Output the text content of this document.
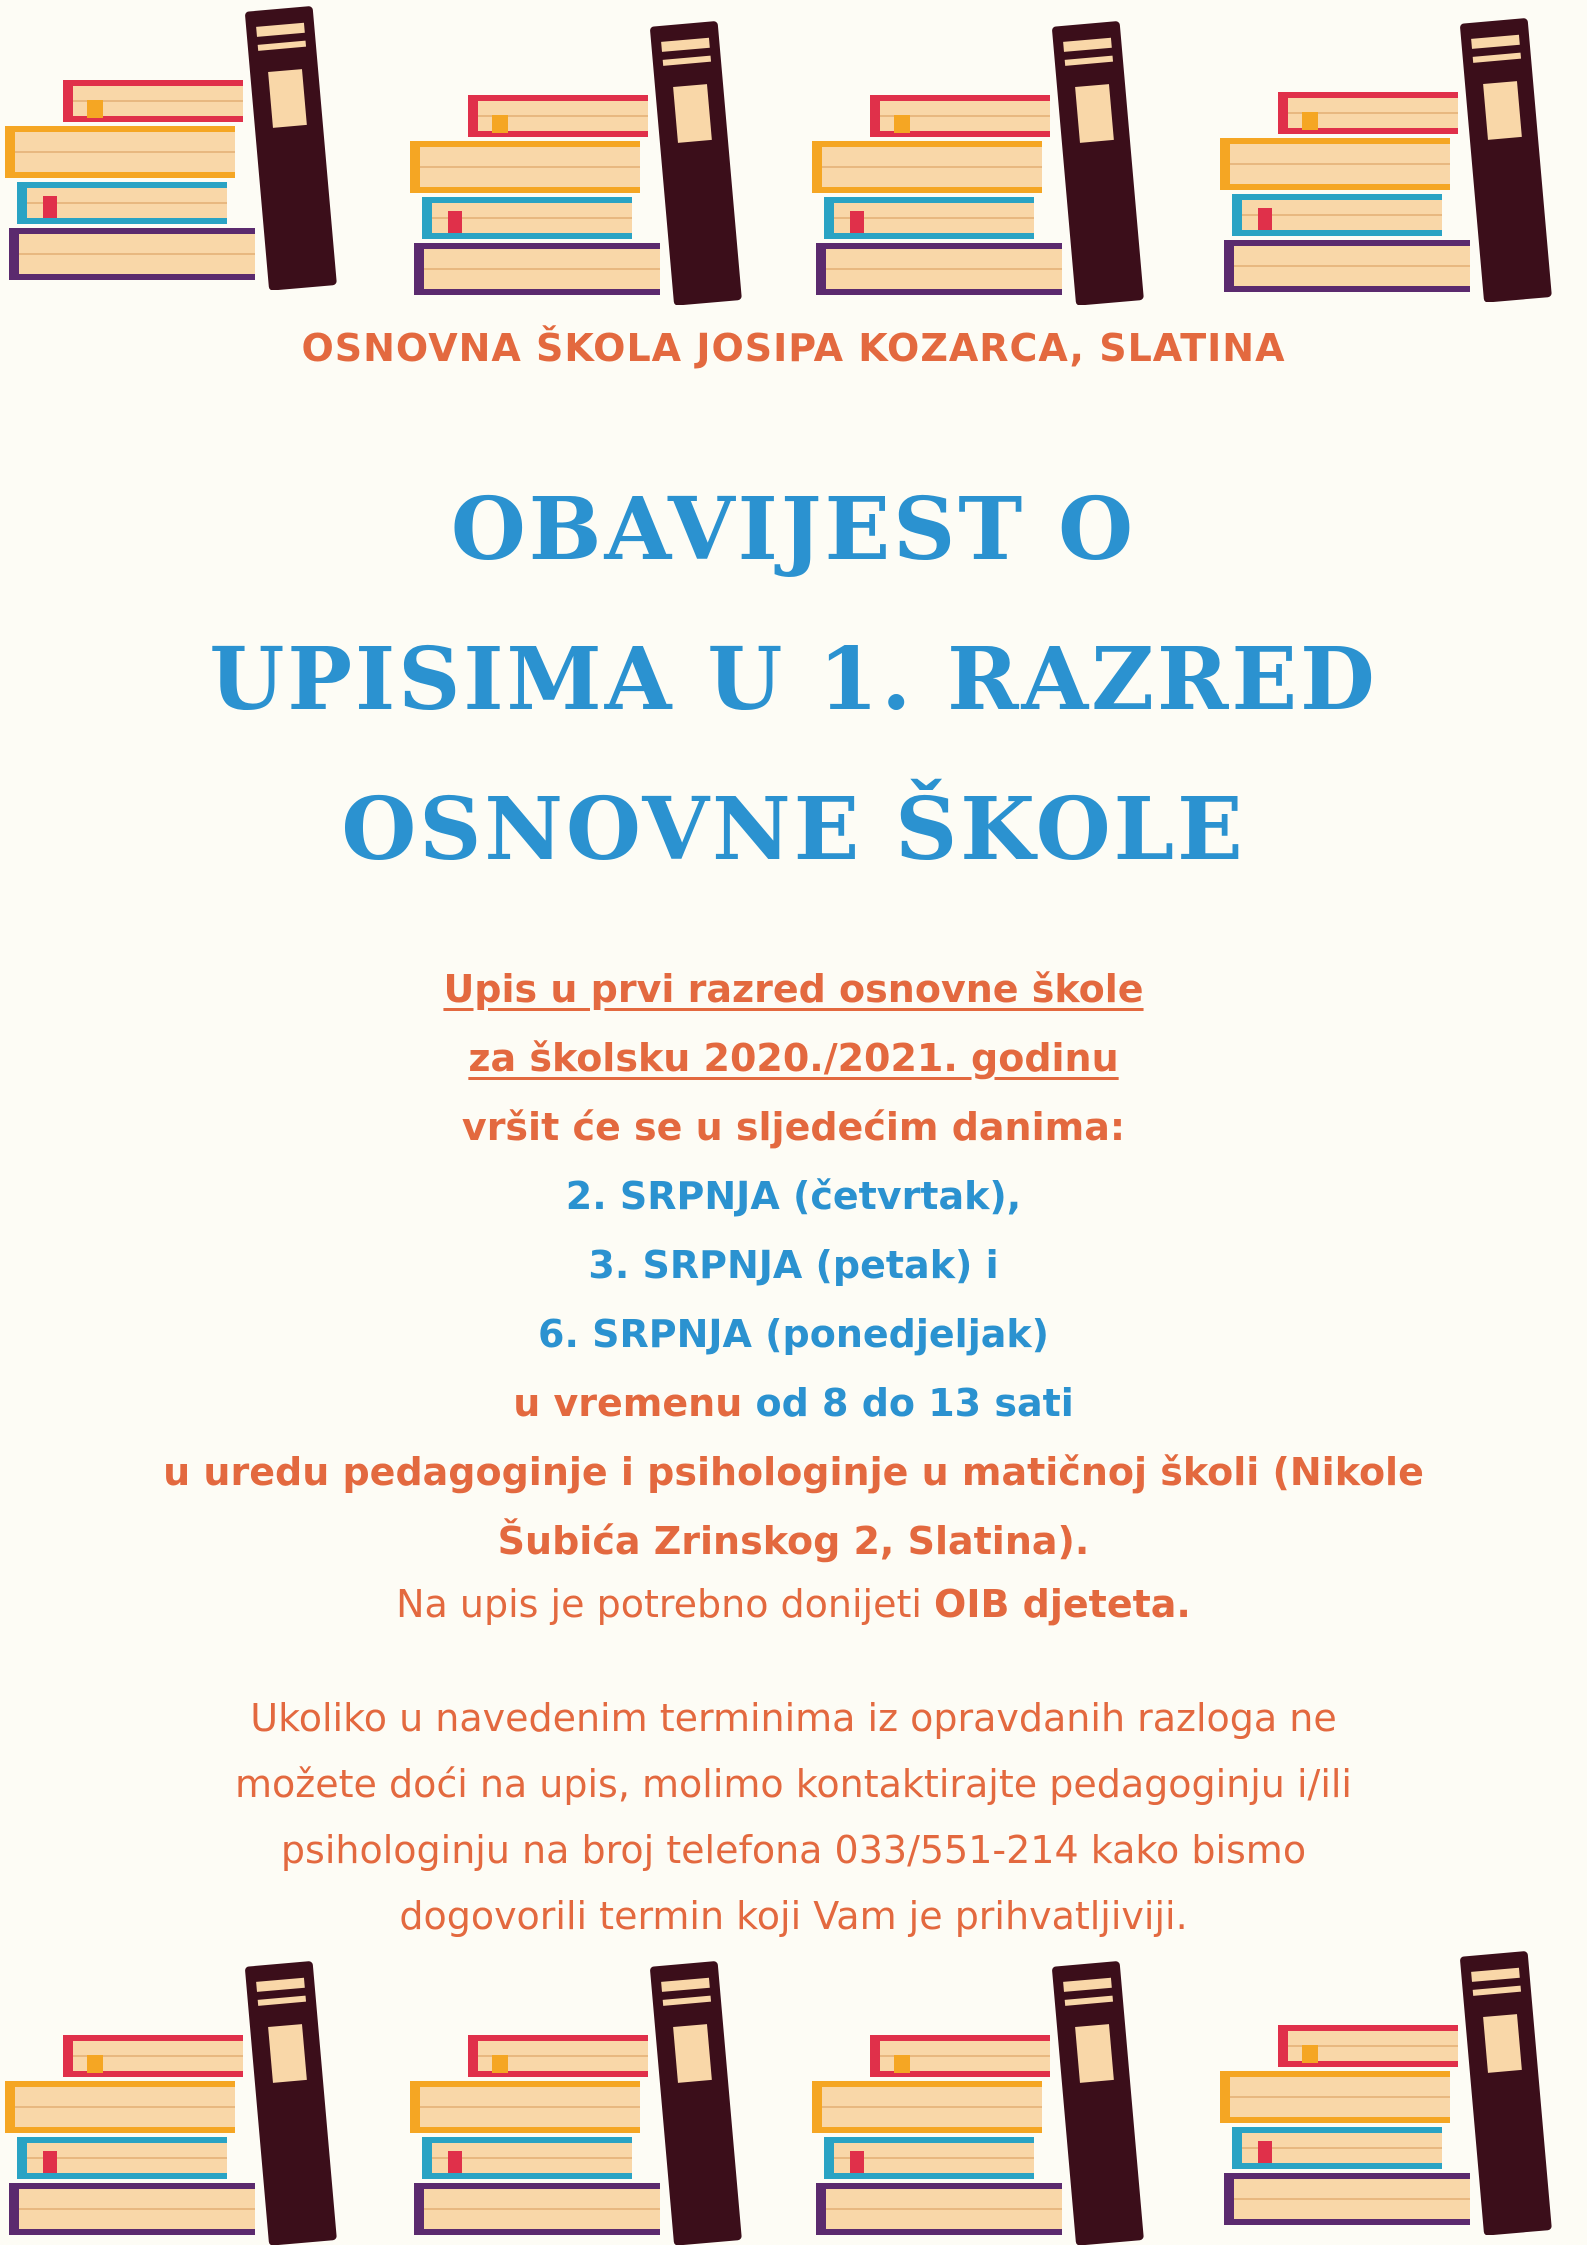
OSNOVNA ŠKOLA JOSIPA KOZARCA, SLATINA
OBAVIJEST O
UPISIMA U 1. RAZRED
OSNOVNE ŠKOLE
Upis u prvi razred osnovne škole
za školsku 2020./2021. godinu
vršit će se u sljedećim danima:
2. SRPNJA (četvrtak),
3. SRPNJA (petak) i
6. SRPNJA (ponedjeljak)
u vremenu od 8 do 13 sati
u uredu pedagoginje i psihologinje u matičnoj školi (Nikole
Šubića Zrinskog 2, Slatina).
Na upis je potrebno donijeti OIB djeteta.
Ukoliko u navedenim terminima iz opravdanih razloga ne
možete doći na upis, molimo kontaktirajte pedagoginju i/ili
psihologinju na broj telefona 033/551-214 kako bismo
dogovorili termin koji Vam je prihvatljiviji.
